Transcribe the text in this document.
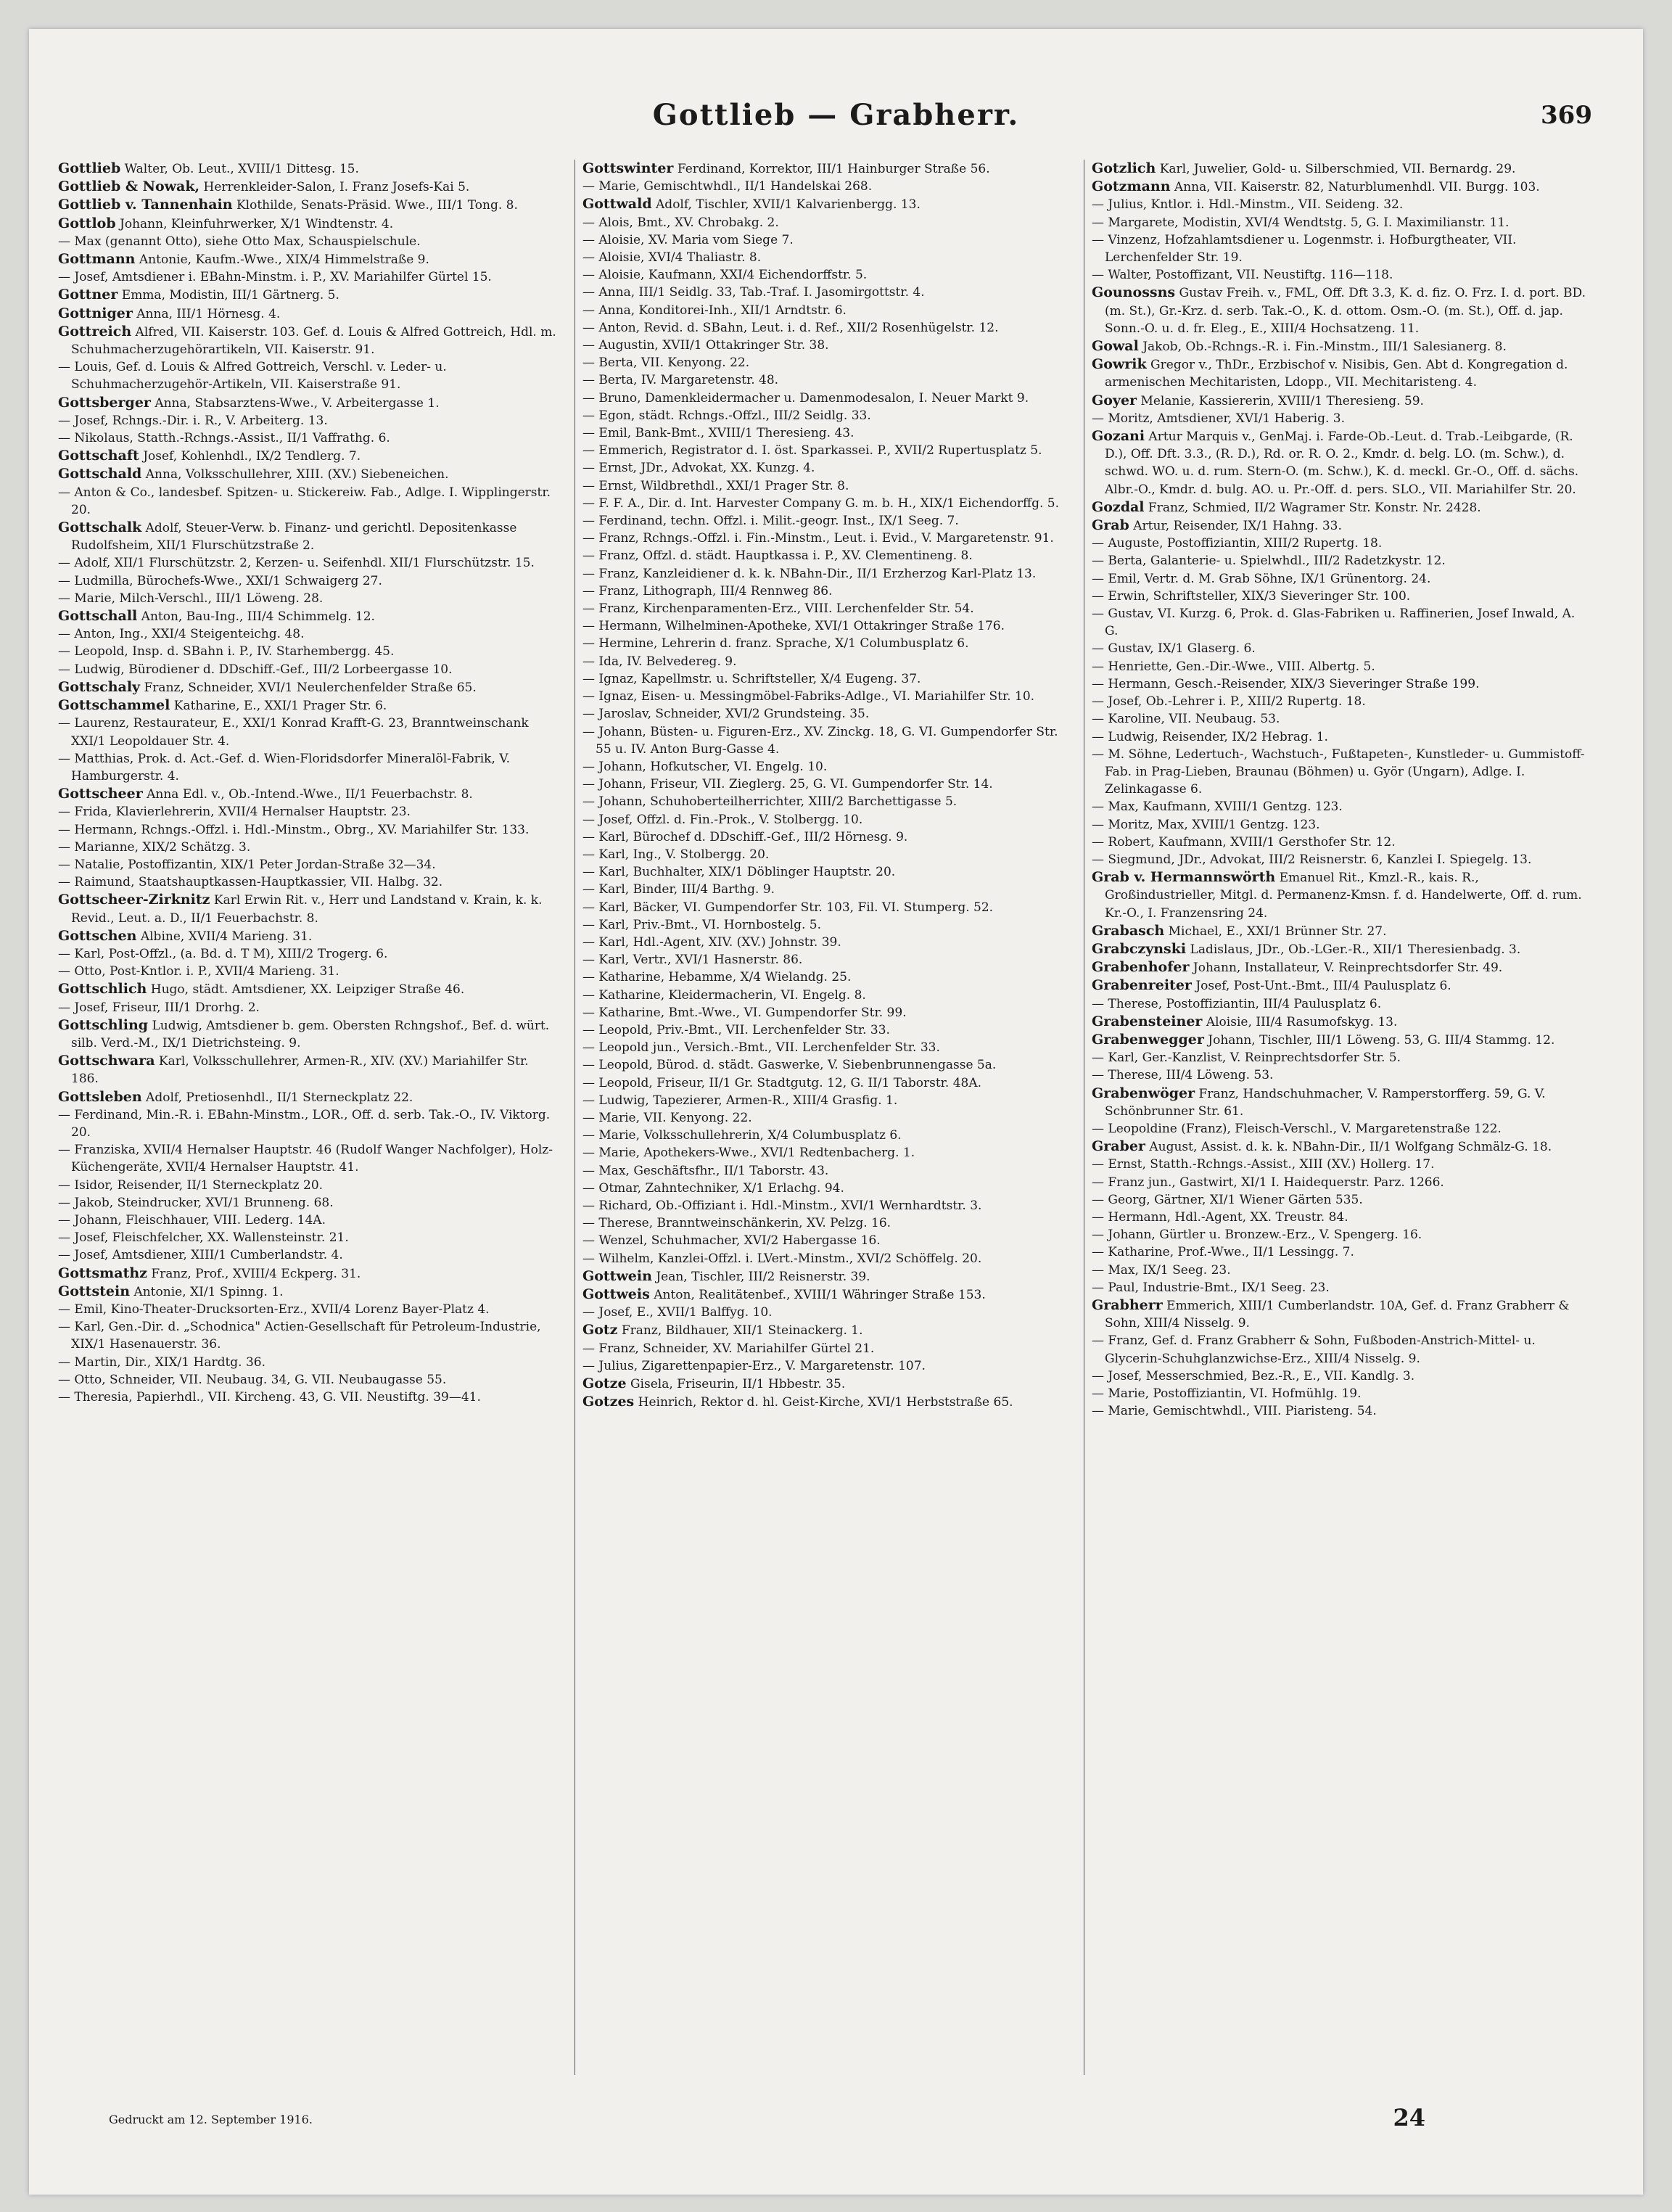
Gottlieb — Grabherr.	369

Gottlieb Walter, Ob. Leut., XVIII/1 Dittesg. 15.

Gottlieb & Nowak, Herrenkleider-Salon, I. Franz Josefs-Kai 5.

Gottlieb v. Tannenhain Klothilde, Senats-Präsid. Wwe., III/1 Tong. 8.

Gottlob Johann, Kleinfuhrwerker, X/1 Windtenstr. 4.

— Max (genannt Otto), siehe Otto Max, Schauspielschule.

Gottmann Antonie, Kaufm.-Wwe., XIX/4 Himmelstraße 9.

— Josef, Amtsdiener i. EBahn-Minstm. i. P., XV. Mariahilfer Gürtel 15.

Gottner Emma, Modistin, III/1 Gärtnerg. 5.

Gottniger Anna, III/1 Hörnesg. 4.

Gottreich Alfred, VII. Kaiserstr. 103. Gef. d. Louis & Alfred Gottreich, Hdl. m. Schuhmacherzugehörartikeln, VII. Kaiserstr. 91.

— Louis, Gef. d. Louis & Alfred Gottreich, Verschl. v. Leder- u. Schuhmacherzugehör-Artikeln, VII. Kaiserstraße 91.

Gottsberger Anna, Stabsarztens-Wwe., V. Arbeitergasse 1.

— Josef, Rchngs.-Dir. i. R., V. Arbeiterg. 13.

— Nikolaus, Statth.-Rchngs.-Assist., II/1 Vaffrathg. 6.

Gottschaft Josef, Kohlenhdl., IX/2 Tendlerg. 7.

Gottschald Anna, Volksschullehrer, XIII. (XV.) Siebeneichen.

— Anton & Co., landesbef. Spitzen- u. Stickereiw. Fab., Adlge. I. Wipplingerstr. 20.

Gottschalk Adolf, Steuer-Verw. b. Finanz- und gerichtl. Depositenkasse Rudolfsheim, XII/1 Flurschützstraße 2.

— Adolf, XII/1 Flurschützstr. 2, Kerzen- u. Seifenhdl. XII/1 Flurschützstr. 15.

— Ludmilla, Bürochefs-Wwe., XXI/1 Schwaigerg 27.

— Marie, Milch-Verschl., III/1 Löweng. 28.

Gottschall Anton, Bau-Ing., III/4 Schimmelg. 12.

— Anton, Ing., XXI/4 Steigenteichg. 48.

— Leopold, Insp. d. SBahn i. P., IV. Starhembergg. 45.

— Ludwig, Bürodiener d. DDschiff.-Gef., III/2 Lorbeergasse 10.

Gottschaly Franz, Schneider, XVI/1 Neulerchenfelder Straße 65.

Gottschammel Katharine, E., XXI/1 Prager Str. 6.

— Laurenz, Restaurateur, E., XXI/1 Konrad Krafft-G. 23, Branntweinschank XXI/1 Leopoldauer Str. 4.

— Matthias, Prok. d. Act.-Gef. d. Wien-Floridsdorfer Mineralöl-Fabrik, V. Hamburgerstr. 4.

Gottscheer Anna Edl. v., Ob.-Intend.-Wwe., II/1 Feuerbachstr. 8.

— Frida, Klavierlehrerin, XVII/4 Hernalser Hauptstr. 23.

— Hermann, Rchngs.-Offzl. i. Hdl.-Minstm., Obrg., XV. Mariahilfer Str. 133.

— Marianne, XIX/2 Schätzg. 3.

— Natalie, Postoffizantin, XIX/1 Peter Jordan-Straße 32—34.

— Raimund, Staatshauptkassen-Hauptkassier, VII. Halbg. 32.

Gottscheer-Zirknitz Karl Erwin Rit. v., Herr und Landstand v. Krain, k. k. Revid., Leut. a. D., II/1 Feuerbachstr. 8.

Gottschen Albine, XVII/4 Marieng. 31.

— Karl, Post-Offzl., (a. Bd. d. T M), XIII/2 Trogerg. 6.

— Otto, Post-Kntlor. i. P., XVII/4 Marieng. 31.

Gottschlich Hugo, städt. Amtsdiener, XX. Leipziger Straße 46.

— Josef, Friseur, III/1 Drorhg. 2.

Gottschling Ludwig, Amtsdiener b. gem. Obersten Rchngshof., Bef. d. würt. silb. Verd.-M., IX/1 Dietrichsteing. 9.

Gottschwara Karl, Volksschullehrer, Armen-R., XIV. (XV.) Mariahilfer Str. 186.

Gottsleben Adolf, Pretiosenhdl., II/1 Sterneckplatz 22.

— Ferdinand, Min.-R. i. EBahn-Minstm., LOR., Off. d. serb. Tak.-O., IV. Viktorg. 20.

— Franziska, XVII/4 Hernalser Hauptstr. 46 (Rudolf Wanger Nachfolger), Holz-Küchengeräte, XVII/4 Hernalser Hauptstr. 41.

— Isidor, Reisender, II/1 Sterneckplatz 20.

— Jakob, Steindrucker, XVI/1 Brunneng. 68.

— Johann, Fleischhauer, VIII. Lederg. 14A.

— Josef, Fleischfelcher, XX. Wallensteinstr. 21.

— Josef, Amtsdiener, XIII/1 Cumberlandstr. 4.

Gottsmathz Franz, Prof., XVIII/4 Eckperg. 31.

Gottstein Antonie, XI/1 Spinng. 1.

— Emil, Kino-Theater-Drucksorten-Erz., XVII/4 Lorenz Bayer-Platz 4.

— Karl, Gen.-Dir. d. „Schodnica" Actien-Gesellschaft für Petroleum-Industrie, XIX/1 Hasenauerstr. 36.

— Martin, Dir., XIX/1 Hardtg. 36.

— Otto, Schneider, VII. Neubaug. 34, G. VII. Neubaugasse 55.

— Theresia, Papierhdl., VII. Kircheng. 43, G. VII. Neustiftg. 39—41.

Gottswinter Ferdinand, Korrektor, III/1 Hainburger Straße 56.

— Marie, Gemischtwhdl., II/1 Handelskai 268.

Gottwald Adolf, Tischler, XVII/1 Kalvarienbergg. 13.

— Alois, Bmt., XV. Chrobakg. 2.

— Aloisie, XV. Maria vom Siege 7.

— Aloisie, XVI/4 Thaliastr. 8.

— Aloisie, Kaufmann, XXI/4 Eichendorffstr. 5.

— Anna, III/1 Seidlg. 33, Tab.-Traf. I. Jasomirgottstr. 4.

— Anna, Konditorei-Inh., XII/1 Arndtstr. 6.

— Anton, Revid. d. SBahn, Leut. i. d. Ref., XII/2 Rosenhügelstr. 12.

— Augustin, XVII/1 Ottakringer Str. 38.

— Berta, VII. Kenyong. 22.

— Berta, IV. Margaretenstr. 48.

— Bruno, Damenkleidermacher u. Damenmodesalon, I. Neuer Markt 9.

— Egon, städt. Rchngs.-Offzl., III/2 Seidlg. 33.

— Emil, Bank-Bmt., XVIII/1 Theresieng. 43.

— Emmerich, Registrator d. I. öst. Sparkassei. P., XVII/2 Rupertusplatz 5.

— Ernst, JDr., Advokat, XX. Kunzg. 4.

— Ernst, Wildbrethdl., XXI/1 Prager Str. 8.

— F. F. A., Dir. d. Int. Harvester Company G. m. b. H., XIX/1 Eichendorffg. 5.

— Ferdinand, techn. Offzl. i. Milit.-geogr. Inst., IX/1 Seeg. 7.

— Franz, Rchngs.-Offzl. i. Fin.-Minstm., Leut. i. Evid., V. Margaretenstr. 91.

— Franz, Offzl. d. städt. Hauptkassa i. P., XV. Clementineng. 8.

— Franz, Kanzleidiener d. k. k. NBahn-Dir., II/1 Erzherzog Karl-Platz 13.

— Franz, Lithograph, III/4 Rennweg 86.

— Franz, Kirchenparamenten-Erz., VIII. Lerchenfelder Str. 54.

— Hermann, Wilhelminen-Apotheke, XVI/1 Ottakringer Straße 176.

— Hermine, Lehrerin d. franz. Sprache, X/1 Columbusplatz 6.

— Ida, IV. Belvedereg. 9.

— Ignaz, Kapellmstr. u. Schriftsteller, X/4 Eugeng. 37.

— Ignaz, Eisen- u. Messingmöbel-Fabriks-Adlge., VI. Mariahilfer Str. 10.

— Jaroslav, Schneider, XVI/2 Grundsteing. 35.

— Johann, Büsten- u. Figuren-Erz., XV. Zinckg. 18, G. VI. Gumpendorfer Str. 55 u. IV. Anton Burg-Gasse 4.

— Johann, Hofkutscher, VI. Engelg. 10.

— Johann, Friseur, VII. Zieglerg. 25, G. VI. Gumpendorfer Str. 14.

— Johann, Schuhoberteilherrichter, XIII/2 Barchettigasse 5.

— Josef, Offzl. d. Fin.-Prok., V. Stolbergg. 10.

— Karl, Bürochef d. DDschiff.-Gef., III/2 Hörnesg. 9.

— Karl, Ing., V. Stolbergg. 20.

— Karl, Buchhalter, XIX/1 Döblinger Hauptstr. 20.

— Karl, Binder, III/4 Barthg. 9.

— Karl, Bäcker, VI. Gumpendorfer Str. 103, Fil. VI. Stumperg. 52.

— Karl, Priv.-Bmt., VI. Hornbostelg. 5.

— Karl, Hdl.-Agent, XIV. (XV.) Johnstr. 39.

— Karl, Vertr., XVI/1 Hasnerstr. 86.

— Katharine, Hebamme, X/4 Wielandg. 25.

— Katharine, Kleidermacherin, VI. Engelg. 8.

— Katharine, Bmt.-Wwe., VI. Gumpendorfer Str. 99.

— Leopold, Priv.-Bmt., VII. Lerchenfelder Str. 33.

— Leopold jun., Versich.-Bmt., VII. Lerchenfelder Str. 33.

— Leopold, Bürod. d. städt. Gaswerke, V. Siebenbrunnengasse 5a.

— Leopold, Friseur, II/1 Gr. Stadtgutg. 12, G. II/1 Taborstr. 48A.

— Ludwig, Tapezierer, Armen-R., XIII/4 Grasfig. 1.

— Marie, VII. Kenyong. 22.

— Marie, Volksschullehrerin, X/4 Columbusplatz 6.

— Marie, Apothekers-Wwe., XVI/1 Redtenbacherg. 1.

— Max, Geschäftsfhr., II/1 Taborstr. 43.

— Otmar, Zahntechniker, X/1 Erlachg. 94.

— Richard, Ob.-Offiziant i. Hdl.-Minstm., XVI/1 Wernhardtstr. 3.

— Therese, Branntweinschänkerin, XV. Pelzg. 16.

— Wenzel, Schuhmacher, XVI/2 Habergasse 16.

— Wilhelm, Kanzlei-Offzl. i. LVert.-Minstm., XVI/2 Schöffelg. 20.

Gottwein Jean, Tischler, III/2 Reisnerstr. 39.

Gottweis Anton, Realitätenbef., XVIII/1 Währinger Straße 153.

— Josef, E., XVII/1 Balffyg. 10.

Gotz Franz, Bildhauer, XII/1 Steinackerg. 1.

— Franz, Schneider, XV. Mariahilfer Gürtel 21.

— Julius, Zigarettenpapier-Erz., V. Margaretenstr. 107.

Gotze Gisela, Friseurin, II/1 Hbbestr. 35.

Gotzes Heinrich, Rektor d. hl. Geist-Kirche, XVI/1 Herbststraße 65.

Gotzlich Karl, Juwelier, Gold- u. Silberschmied, VII. Bernardg. 29.

Gotzmann Anna, VII. Kaiserstr. 82, Naturblumenhdl. VII. Burgg. 103.

— Julius, Kntlor. i. Hdl.-Minstm., VII. Seideng. 32.

— Margarete, Modistin, XVI/4 Wendtstg. 5, G. I. Maximilianstr. 11.

— Vinzenz, Hofzahlamtsdiener u. Logenmstr. i. Hofburgtheater, VII. Lerchenfelder Str. 19.

— Walter, Postoffizant, VII. Neustiftg. 116—118.

Gounossns Gustav Freih. v., FML, Off. Dft 3.3, K. d. fiz. O. Frz. I. d. port. BD. (m. St.), Gr.-Krz. d. serb. Tak.-O., K. d. ottom. Osm.-O. (m. St.), Off. d. jap. Sonn.-O. u. d. fr. Eleg., E., XIII/4 Hochsatzeng. 11.

Gowal Jakob, Ob.-Rchngs.-R. i. Fin.-Minstm., III/1 Salesianerg. 8.

Gowrik Gregor v., ThDr., Erzbischof v. Nisibis, Gen. Abt d. Kongregation d. armenischen Mechitaristen, Ldopp., VII. Mechitaristeng. 4.

Goyer Melanie, Kassiererin, XVIII/1 Theresieng. 59.

— Moritz, Amtsdiener, XVI/1 Haberig. 3.

Gozani Artur Marquis v., GenMaj. i. Farde-Ob.-Leut. d. Trab.-Leibgarde, (R. D.), Off. Dft. 3.3., (R. D.), Rd. or. R. O. 2., Kmdr. d. belg. LO. (m. Schw.), d. schwd. WO. u. d. rum. Stern-O. (m. Schw.), K. d. meckl. Gr.-O., Off. d. sächs. Albr.-O., Kmdr. d. bulg. AO. u. Pr.-Off. d. pers. SLO., VII. Mariahilfer Str. 20.

Gozdal Franz, Schmied, II/2 Wagramer Str. Konstr. Nr. 2428.

Grab Artur, Reisender, IX/1 Hahng. 33.

— Auguste, Postoffiziantin, XIII/2 Rupertg. 18.

— Berta, Galanterie- u. Spielwhdl., III/2 Radetzkystr. 12.

— Emil, Vertr. d. M. Grab Söhne, IX/1 Grünentorg. 24.

— Erwin, Schriftsteller, XIX/3 Sieveringer Str. 100.

— Gustav, VI. Kurzg. 6, Prok. d. Glas-Fabriken u. Raffinerien, Josef Inwald, A. G.

— Gustav, IX/1 Glaserg. 6.

— Henriette, Gen.-Dir.-Wwe., VIII. Albertg. 5.

— Hermann, Gesch.-Reisender, XIX/3 Sieveringer Straße 199.

— Josef, Ob.-Lehrer i. P., XIII/2 Rupertg. 18.

— Karoline, VII. Neubaug. 53.

— Ludwig, Reisender, IX/2 Hebrag. 1.

— M. Söhne, Ledertuch-, Wachstuch-, Fußtapeten-, Kunstleder- u. Gummistoff-Fab. in Prag-Lieben, Braunau (Böhmen) u. Györ (Ungarn), Adlge. I. Zelinkagasse 6.

— Max, Kaufmann, XVIII/1 Gentzg. 123.

— Moritz, Max, XVIII/1 Gentzg. 123.

— Robert, Kaufmann, XVIII/1 Gersthofer Str. 12.

— Siegmund, JDr., Advokat, III/2 Reisnerstr. 6, Kanzlei I. Spiegelg. 13.

Grab v. Hermannswörth Emanuel Rit., Kmzl.-R., kais. R., Großindustrieller, Mitgl. d. Permanenz-Kmsn. f. d. Handelwerte, Off. d. rum. Kr.-O., I. Franzensring 24.

Grabasch Michael, E., XXI/1 Brünner Str. 27.

Grabczynski Ladislaus, JDr., Ob.-LGer.-R., XII/1 Theresienbadg. 3.

Grabenhofer Johann, Installateur, V. Reinprechtsdorfer Str. 49.

Grabenreiter Josef, Post-Unt.-Bmt., III/4 Paulusplatz 6.

— Therese, Postoffiziantin, III/4 Paulusplatz 6.

Grabensteiner Aloisie, III/4 Rasumofskyg. 13.

Grabenwegger Johann, Tischler, III/1 Löweng. 53, G. III/4 Stammg. 12.

— Karl, Ger.-Kanzlist, V. Reinprechtsdorfer Str. 5.

— Therese, III/4 Löweng. 53.

Grabenwöger Franz, Handschuhmacher, V. Ramperstorfferg. 59, G. V. Schönbrunner Str. 61.

— Leopoldine (Franz), Fleisch-Verschl., V. Margaretenstraße 122.

Graber August, Assist. d. k. k. NBahn-Dir., II/1 Wolfgang Schmälz-G. 18.

— Ernst, Statth.-Rchngs.-Assist., XIII (XV.) Hollerg. 17.

— Franz jun., Gastwirt, XI/1 I. Haidequerstr. Parz. 1266.

— Georg, Gärtner, XI/1 Wiener Gärten 535.

— Hermann, Hdl.-Agent, XX. Treustr. 84.

— Johann, Gürtler u. Bronzew.-Erz., V. Spengerg. 16.

— Katharine, Prof.-Wwe., II/1 Lessingg. 7.

— Max, IX/1 Seeg. 23.

— Paul, Industrie-Bmt., IX/1 Seeg. 23.

Grabherr Emmerich, XIII/1 Cumberlandstr. 10A, Gef. d. Franz Grabherr & Sohn, XIII/4 Nisselg. 9.

— Franz, Gef. d. Franz Grabherr & Sohn, Fußboden-Anstrich-Mittel- u. Glycerin-Schuhglanzwichse-Erz., XIII/4 Nisselg. 9.

— Josef, Messerschmied, Bez.-R., E., VII. Kandlg. 3.

— Marie, Postoffiziantin, VI. Hofmühlg. 19.

— Marie, Gemischtwhdl., VIII. Piaristeng. 54.

Gedruckt am 12. September 1916.	24
